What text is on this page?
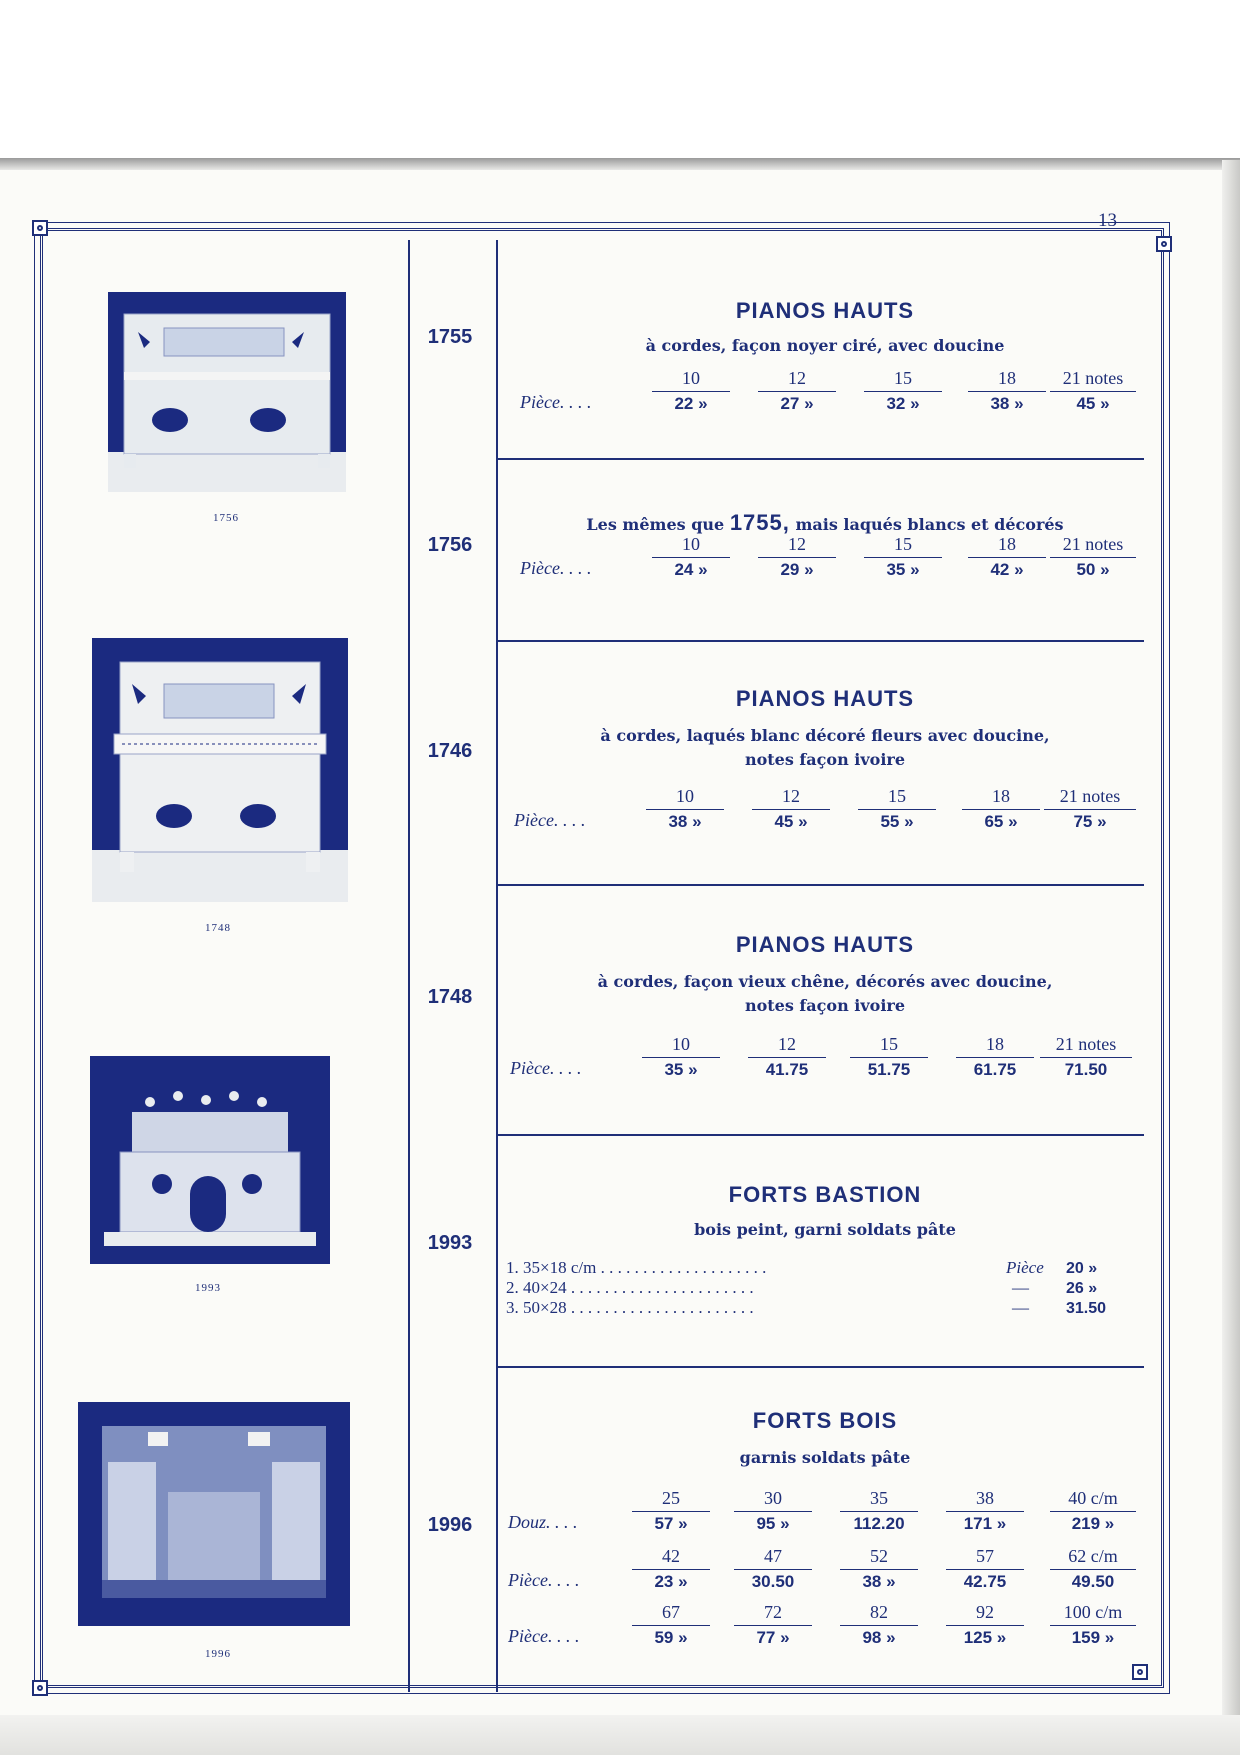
13
1756
1748
1993
1996
1755
1756
1746
1748
1993
1996
PIANOS HAUTS
à cordes, façon noyer ciré, avec doucine
Pièce. . . .
10
22 »
12
27 »
15
32 »
18
38 »
21 notes
45 »
Les mêmes que 1755, mais laqués blancs et décorés
Pièce. . . .
10
24 »
12
29 »
15
35 »
18
42 »
21 notes
50 »
PIANOS HAUTS
à cordes, laqués blanc décoré fleurs avec doucine,
notes façon ivoire
Pièce. . . .
10
38 »
12
45 »
15
55 »
18
65 »
21 notes
75 »
PIANOS HAUTS
à cordes, façon vieux chêne, décorés avec doucine,
notes façon ivoire
Pièce. . . .
10
35 »
12
41.75
15
51.75
18
61.75
21 notes
71.50
FORTS BASTION
bois peint, garni soldats pâte
1. 35×18 c/m . . . . . . . . . . . . . . . . . . . .
2. 40×24 . . . . . . . . . . . . . . . . . . . . . .
3. 50×28 . . . . . . . . . . . . . . . . . . . . . .
Pièce
—
—
20 »
26 »
31.50
FORTS BOIS
garnis soldats pâte
Douz. . . .
25
57 »
30
95 »
35
112.20
38
171 »
40 c/m
219 »
Pièce. . . .
42
23 »
47
30.50
52
38 »
57
42.75
62 c/m
49.50
Pièce. . . .
67
59 »
72
77 »
82
98 »
92
125 »
100 c/m
159 »
